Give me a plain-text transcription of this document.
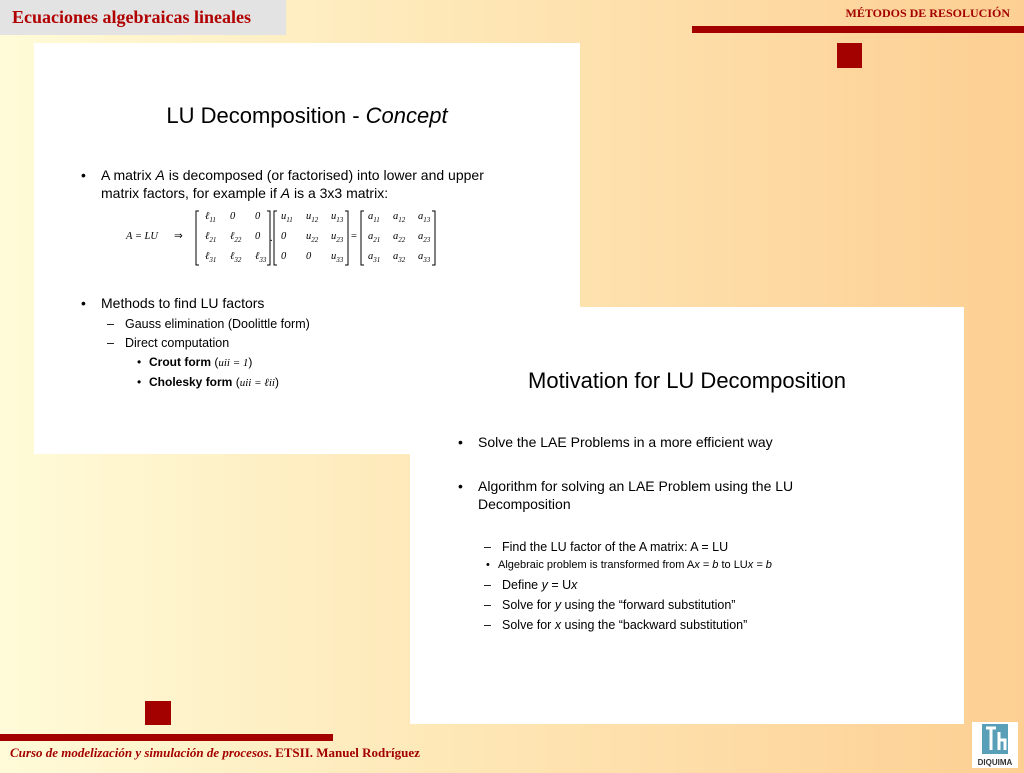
Ecuaciones algebraicas lineales	MÉTODOS DE RESOLUCIÓN
LU Decomposition - Concept
• A matrix A is decomposed (or factorised) into lower and upper
matrix factors, for example if A is a 3x3 matrix:
A = LU ⇒	.	=
ℓ$_{11}$ 0 0
ℓ$_{21}$ ℓ$_{22}$ 0
ℓ$_{31}$ ℓ$_{32}$ ℓ$_{33}$
$u_{11}$ $u_{12}$ $u_{13}$
0 $u_{22}$ $u_{23}$
0 0 $u_{33}$
$a_{11}$ $a_{12}$ $a_{13}$
$a_{21}$ $a_{22}$ $a_{23}$
$a_{31}$ $a_{32}$ $a_{33}$
• Methods to find LU factors
– Gauss elimination (Doolittle form)
– Direct computation
• Crout form (uii = 1)
• Cholesky form (uii = ℓii)	Motivation for LU Decomposition
• Solve the LAE Problems in a more efficient way
• Algorithm for solving an LAE Problem using the LU
Decomposition
– Find the LU factor of the A matrix: A = LU
• Algebraic problem is transformed from Ax = b to LUx = b
– Define y = Ux
– Solve for y using the “forward substitution”
– Solve for x using the “backward substitution”
Curso de modelización y simulación de procesos. ETSII. Manuel Rodríguez
DIQUIMA
